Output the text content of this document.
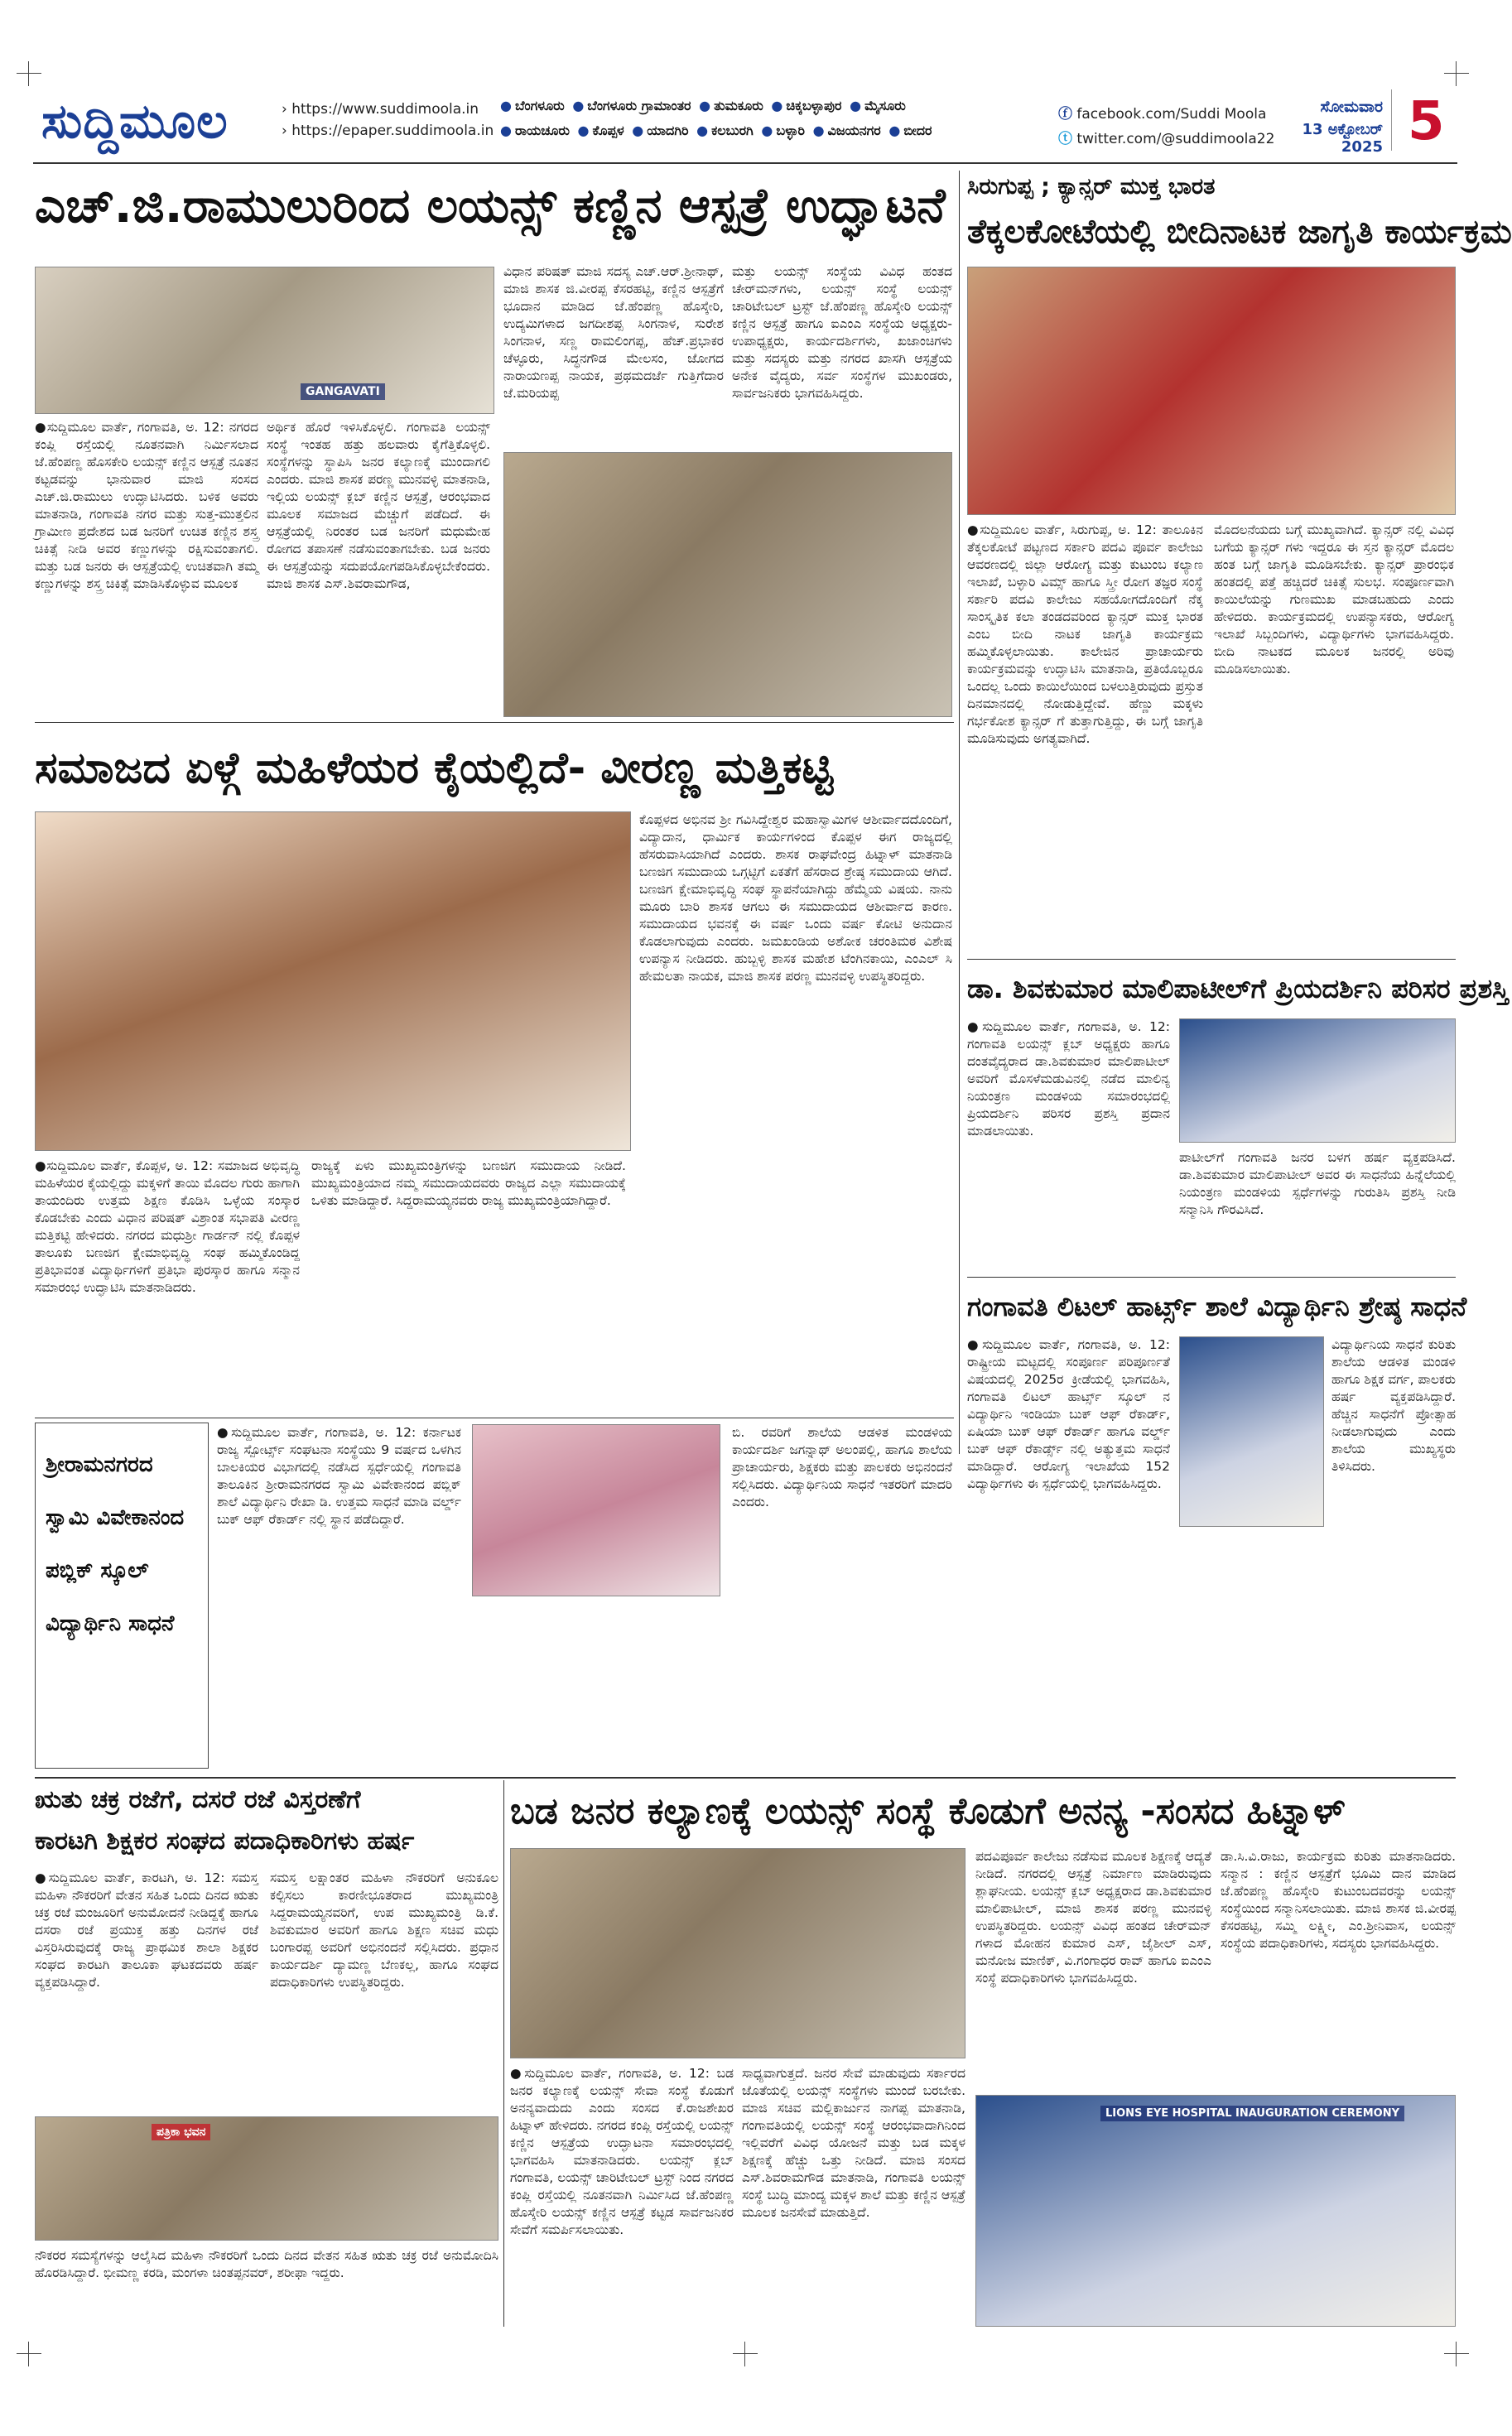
ಸುದ್ದಿಮೂಲ	› https://www.suddimoola.in
› https://epaper.suddimoola.in
● ಬೆಂಗಳೂರು ● ಬೆಂಗಳೂರು ಗ್ರಾಮಾಂತರ ● ತುಮಕೂರು ● ಚಿಕ್ಕಬಳ್ಳಾಪುರ ● ಮೈಸೂರು
● ರಾಯಚೂರು ● ಕೊಪ್ಪಳ ● ಯಾದಗಿರಿ ● ಕಲಬುರಗಿ ● ಬಳ್ಳಾರಿ ● ವಿಜಯನಗರ ● ಬೀದರ
ⓕ facebook.com/Suddi Moola
ⓣ twitter.com/@suddimoola22
ಸೋಮವಾರ
13 ಅಕ್ಟೋಬರ್ 2025 5
ಎಚ್.ಜಿ.ರಾಮುಲುರಿಂದ ಲಯನ್ಸ್ ಕಣ್ಣಿನ ಆಸ್ಪತ್ರೆ ಉದ್ಘಾಟನೆ
GANGAVATI
●ಸುದ್ದಿಮೂಲ ವಾರ್ತೆ, ಗಂಗಾವತಿ, ಅ. 12: ನಗರದ ಕಂಪ್ಲಿ ರಸ್ತೆಯಲ್ಲಿ ನೂತನವಾಗಿ ನಿರ್ಮಿಸಲಾದ ಜೆ.ಹೆಂಪಣ್ಣ ಹೊಸಕೇರಿ ಲಯನ್ಸ್ ಕಣ್ಣಿನ ಆಸ್ಪತ್ರೆ ನೂತನ ಕಟ್ಟಡವನ್ನು ಭಾನುವಾರ ಮಾಜಿ ಸಂಸದ ಎಚ್.ಜಿ.ರಾಮುಲು ಉದ್ಘಾಟಿಸಿದರು. ಬಳಿಕ ಅವರು ಮಾತನಾಡಿ, ಗಂಗಾವತಿ ನಗರ ಮತ್ತು ಸುತ್ತ-ಮುತ್ತಲಿನ ಗ್ರಾಮೀಣ ಪ್ರದೇಶದ ಬಡ ಜನರಿಗೆ ಉಚಿತ ಕಣ್ಣಿನ ಶಸ್ತ್ರ ಚಿಕಿತ್ಸೆ ನೀಡಿ ಅವರ ಕಣ್ಣುಗಳನ್ನು ರಕ್ಷಿಸುವಂತಾಗಲಿ. ಮತ್ತು ಬಡ ಜನರು ಈ ಆಸ್ಪತ್ರೆಯಲ್ಲಿ ಉಚಿತವಾಗಿ ತಮ್ಮ ಕಣ್ಣುಗಳನ್ನು ಶಸ್ತ್ರ ಚಿಕಿತ್ಸೆ ಮಾಡಿಸಿಕೊಳ್ಳುವ ಮೂಲಕ
ಅರ್ಥಿಕ ಹೊರೆ ಇಳಿಸಿಕೊಳ್ಳಲಿ. ಗಂಗಾವತಿ ಲಯನ್ಸ್ ಸಂಸ್ಥೆ ಇಂತಹ ಹತ್ತು ಹಲವಾರು ಕೈಗೆತ್ತಿಕೊಳ್ಳಲಿ. ಸಂಸ್ಥೆಗಳನ್ನು ಸ್ಥಾಪಿಸಿ ಜನರ ಕಲ್ಯಾಣಕ್ಕೆ ಮುಂದಾಗಲಿ ಎಂದರು. ಮಾಜಿ ಶಾಸಕ ಪರಣ್ಣ ಮುನವಳ್ಳಿ ಮಾತನಾಡಿ, ಇಲ್ಲಿಯ ಲಯನ್ಸ್ ಕ್ಲಬ್ ಕಣ್ಣಿನ ಆಸ್ಪತ್ರೆ, ಆರಂಭವಾದ ಮೂಲಕ ಸಮಾಜದ ಮೆಚ್ಚುಗೆ ಪಡೆದಿದೆ. ಈ ಆಸ್ಪತ್ರೆಯಲ್ಲಿ ನಿರಂತರ ಬಡ ಜನರಿಗೆ ಮಧುಮೇಹ ರೋಗದ ತಪಾಸಣೆ ನಡೆಸುವಂತಾಗಬೇಕು. ಬಡ ಜನರು ಈ ಆಸ್ಪತ್ರೆಯನ್ನು ಸದುಪಯೋಗಪಡಿಸಿಕೊಳ್ಳಬೇಕೆಂದರು. ಮಾಜಿ ಶಾಸಕ ಎಸ್.ಶಿವರಾಮಗೌಡ,
ವಿಧಾನ ಪರಿಷತ್ ಮಾಜಿ ಸದಸ್ಯ ಎಚ್.ಆರ್.ಶ್ರೀನಾಥ್, ಮಾಜಿ ಶಾಸಕ ಜಿ.ವೀರಪ್ಪ ಕೆಸರಹಟ್ಟಿ, ಕಣ್ಣಿನ ಆಸ್ಪತ್ರೆಗೆ ಭೂದಾನ ಮಾಡಿದ ಜೆ.ಹೆಂಪಣ್ಣ ಹೊಸ್ಕೇರಿ, ಉದ್ಯಮಿಗಳಾದ ಜಗದೀಶಪ್ಪ ಸಿಂಗನಾಳ, ಸುರೇಶ ಸಿಂಗನಾಳ, ಸಣ್ಣ ರಾಮಲಿಂಗಪ್ಪ, ಹೆಚ್.ಪ್ರಭಾಕರ ಚೆಳ್ಳೂರು, ಸಿದ್ಧನಗೌಡ ಮೇಲಸಂ, ಜೋಗದ ನಾರಾಯಣಪ್ಪ ನಾಯಕ, ಪ್ರಥಮದರ್ಜೆ ಗುತ್ತಿಗೆದಾರ ಜೆ.ಮರಿಯಪ್ಪ
ಮತ್ತು ಲಯನ್ಸ್ ಸಂಸ್ಥೆಯ ವಿವಿಧ ಹಂತದ ಚೇರ್‌ಮನ್‌ಗಳು, ಲಯನ್ಸ್ ಸಂಸ್ಥೆ ಲಯನ್ಸ್ ಚಾರಿಟೇಬಲ್ ಟ್ರಸ್ಟ್ ಜೆ.ಹೆಂಪಣ್ಣ ಹೊಸ್ಕೇರಿ ಲಯನ್ಸ್ ಕಣ್ಣಿನ ಆಸ್ಪತ್ರೆ ಹಾಗೂ ಐಎಂಎ ಸಂಸ್ಥೆಯ ಅಧ್ಯಕ್ಷರು-ಉಪಾಧ್ಯಕ್ಷರು, ಕಾರ್ಯದರ್ಶಿಗಳು, ಖಜಾಂಚಿಗಳು ಮತ್ತು ಸದಸ್ಯರು ಮತ್ತು ನಗರದ ಖಾಸಗಿ ಆಸ್ಪತ್ರೆಯ ಅನೇಕ ವೈದ್ಯರು, ಸರ್ವ ಸಂಸ್ಥೆಗಳ ಮುಖಂಡರು, ಸಾರ್ವಜನಿಕರು ಭಾಗವಹಿಸಿದ್ದರು.
ಸಿರುಗುಪ್ಪ ; ಕ್ಯಾನ್ಸರ್ ಮುಕ್ತ ಭಾರತ
ತೆಕ್ಕಲಕೋಟೆಯಲ್ಲಿ ಬೀದಿನಾಟಕ ಜಾಗೃತಿ ಕಾರ್ಯಕ್ರಮ
●ಸುದ್ದಿಮೂಲ ವಾರ್ತೆ, ಸಿರುಗುಪ್ಪ, ಅ. 12: ತಾಲೂಕಿನ ತೆಕ್ಕಲಕೋಟೆ ಪಟ್ಟಣದ ಸರ್ಕಾರಿ ಪದವಿ ಪೂರ್ವ ಕಾಲೇಜು ಆವರಣದಲ್ಲಿ ಜಿಲ್ಲಾ ಆರೋಗ್ಯ ಮತ್ತು ಕುಟುಂಬ ಕಲ್ಯಾಣ ಇಲಾಖೆ, ಬಳ್ಳಾರಿ ವಿಮ್ಸ್ ಹಾಗೂ ಸ್ತ್ರೀ ರೋಗ ತಜ್ಞರ ಸಂಸ್ಥೆ ಸರ್ಕಾರಿ ಪದವಿ ಕಾಲೇಜು ಸಹಯೋಗದೊಂದಿಗೆ ನೆಕ್ಕ ಸಾಂಸ್ಕೃತಿಕ ಕಲಾ ತಂಡದವರಿಂದ ಕ್ಯಾನ್ಸರ್ ಮುಕ್ತ ಭಾರತ ಎಂಬ ಬೀದಿ ನಾಟಕ ಜಾಗೃತಿ ಕಾರ್ಯಕ್ರಮ ಹಮ್ಮಿಕೊಳ್ಳಲಾಯಿತು. ಕಾಲೇಜಿನ ಪ್ರಾಚಾರ್ಯರು ಕಾರ್ಯಕ್ರಮವನ್ನು ಉದ್ಘಾಟಿಸಿ ಮಾತನಾಡಿ, ಪ್ರತಿಯೊಬ್ಬರೂ ಒಂದಲ್ಲ ಒಂದು ಕಾಯಿಲೆಯಿಂದ ಬಳಲುತ್ತಿರುವುದು ಪ್ರಸ್ತುತ ದಿನಮಾನದಲ್ಲಿ ನೋಡುತ್ತಿದ್ದೇವೆ. ಹೆಣ್ಣು ಮಕ್ಕಳು ಗರ್ಭಕೋಶ ಕ್ಯಾನ್ಸರ್ ಗೆ ತುತ್ತಾಗುತ್ತಿದ್ದು, ಈ ಬಗ್ಗೆ ಜಾಗೃತಿ ಮೂಡಿಸುವುದು ಅಗತ್ಯವಾಗಿದೆ.
ಮೊದಲನೆಯದು ಬಗ್ಗೆ ಮುಖ್ಯವಾಗಿದೆ. ಕ್ಯಾನ್ಸರ್ ನಲ್ಲಿ ವಿವಿಧ ಬಗೆಯ ಕ್ಯಾನ್ಸರ್ ಗಳು ಇದ್ದರೂ ಈ ಸ್ತನ ಕ್ಯಾನ್ಸರ್ ಮೊದಲ ಹಂತ ಬಗ್ಗೆ ಜಾಗೃತಿ ಮೂಡಿಸಬೇಕು. ಕ್ಯಾನ್ಸರ್ ಪ್ರಾರಂಭಿಕ ಹಂತದಲ್ಲಿ ಪತ್ತೆ ಹಚ್ಚಿದರೆ ಚಿಕಿತ್ಸೆ ಸುಲಭ. ಸಂಪೂರ್ಣವಾಗಿ ಕಾಯಿಲೆಯನ್ನು ಗುಣಮುಖ ಮಾಡಬಹುದು ಎಂದು ಹೇಳಿದರು. ಕಾರ್ಯಕ್ರಮದಲ್ಲಿ ಉಪನ್ಯಾಸಕರು, ಆರೋಗ್ಯ ಇಲಾಖೆ ಸಿಬ್ಬಂದಿಗಳು, ವಿದ್ಯಾರ್ಥಿಗಳು ಭಾಗವಹಿಸಿದ್ದರು. ಬೀದಿ ನಾಟಕದ ಮೂಲಕ ಜನರಲ್ಲಿ ಅರಿವು ಮೂಡಿಸಲಾಯಿತು.
ಸಮಾಜದ ಏಳ್ಗೆ ಮಹಿಳೆಯರ ಕೈಯಲ್ಲಿದೆ- ವೀರಣ್ಣ ಮತ್ತಿಕಟ್ಟಿ
●ಸುದ್ದಿಮೂಲ ವಾರ್ತೆ, ಕೊಪ್ಪಳ, ಅ. 12: ಸಮಾಜದ ಅಭಿವೃದ್ಧಿ ಮಹಿಳೆಯರ ಕೈಯಲ್ಲಿದ್ದು ಮಕ್ಕಳಿಗೆ ತಾಯಿ ಮೊದಲ ಗುರು ಹಾಗಾಗಿ ತಾಯಂದಿರು ಉತ್ತಮ ಶಿಕ್ಷಣ ಕೊಡಿಸಿ ಒಳ್ಳೆಯ ಸಂಸ್ಕಾರ ಕೊಡಬೇಕು ಎಂದು ವಿಧಾನ ಪರಿಷತ್ ವಿಶ್ರಾಂತ ಸಭಾಪತಿ ವೀರಣ್ಣ ಮತ್ತಿಕಟ್ಟಿ ಹೇಳಿದರು. ನಗರದ ಮಧುಶ್ರೀ ಗಾರ್ಡನ್ ನಲ್ಲಿ ಕೊಪ್ಪಳ ತಾಲೂಕು ಬಣಜಿಗ ಕ್ಷೇಮಾಭಿವೃದ್ಧಿ ಸಂಘ ಹಮ್ಮಿಕೊಂಡಿದ್ದ ಪ್ರತಿಭಾವಂತ ವಿದ್ಯಾರ್ಥಿಗಳಿಗೆ ಪ್ರತಿಭಾ ಪುರಸ್ಕಾರ ಹಾಗೂ ಸನ್ಮಾನ ಸಮಾರಂಭ ಉದ್ಘಾಟಿಸಿ ಮಾತನಾಡಿದರು.
ರಾಜ್ಯಕ್ಕೆ ಏಳು ಮುಖ್ಯಮಂತ್ರಿಗಳನ್ನು ಬಣಜಿಗ ಸಮುದಾಯ ನೀಡಿದೆ. ಮುಖ್ಯಮಂತ್ರಿಯಾದ ನಮ್ಮ ಸಮುದಾಯದವರು ರಾಜ್ಯದ ಎಲ್ಲಾ ಸಮುದಾಯಕ್ಕೆ ಒಳಿತು ಮಾಡಿದ್ದಾರೆ. ಸಿದ್ದರಾಮಯ್ಯನವರು ರಾಜ್ಯ ಮುಖ್ಯಮಂತ್ರಿಯಾಗಿದ್ದಾರೆ.
ಕೊಪ್ಪಳದ ಅಭಿನವ ಶ್ರೀ ಗವಿಸಿದ್ದೇಶ್ವರ ಮಹಾಸ್ವಾಮಿಗಳ ಆಶೀರ್ವಾದದೊಂದಿಗೆ, ವಿದ್ಯಾದಾನ, ಧಾರ್ಮಿಕ ಕಾರ್ಯಗಳಿಂದ ಕೊಪ್ಪಳ ಈಗ ರಾಜ್ಯದಲ್ಲಿ ಹೆಸರುವಾಸಿಯಾಗಿದೆ ಎಂದರು. ಶಾಸಕ ರಾಘವೇಂದ್ರ ಹಿಟ್ನಾಳ್ ಮಾತನಾಡಿ ಬಣಜಿಗ ಸಮುದಾಯ ಒಗ್ಗಟ್ಟಿಗೆ ಏಕತೆಗೆ ಹೆಸರಾದ ಶ್ರೇಷ್ಠ ಸಮುದಾಯ ಆಗಿದೆ. ಬಣಜಿಗ ಕ್ಷೇಮಾಭಿವೃದ್ಧಿ ಸಂಘ ಸ್ಥಾಪನೆಯಾಗಿದ್ದು ಹೆಮ್ಮೆಯ ವಿಷಯ. ನಾನು ಮೂರು ಬಾರಿ ಶಾಸಕ ಆಗಲು ಈ ಸಮುದಾಯದ ಆಶೀರ್ವಾದ ಕಾರಣ. ಸಮುದಾಯದ ಭವನಕ್ಕೆ ಈ ವರ್ಷ ಒಂದು ವರ್ಷ ಕೋಟಿ ಅನುದಾನ ಕೊಡಲಾಗುವುದು ಎಂದರು. ಜಮಖಂಡಿಯ ಅಶೋಕ ಚರಂತಿಮಠ ವಿಶೇಷ ಉಪನ್ಯಾಸ ನೀಡಿದರು. ಹುಬ್ಬಳ್ಳಿ ಶಾಸಕ ಮಹೇಶ ಟೆಂಗಿನಕಾಯಿ, ಎಂಎಲ್ ಸಿ ಹೇಮಲತಾ ನಾಯಕ, ಮಾಜಿ ಶಾಸಕ ಪರಣ್ಣ ಮುನವಳ್ಳಿ ಉಪಸ್ಥಿತರಿದ್ದರು.	ಡಾ. ಶಿವಕುಮಾರ ಮಾಲಿಪಾಟೀಲ್‌ಗೆ ಪ್ರಿಯದರ್ಶಿನಿ ಪರಿಸರ ಪ್ರಶಸ್ತಿ
●ಸುದ್ದಿಮೂಲ ವಾರ್ತೆ, ಗಂಗಾವತಿ, ಅ. 12: ಗಂಗಾವತಿ ಲಯನ್ಸ್ ಕ್ಲಬ್ ಅಧ್ಯಕ್ಷರು ಹಾಗೂ ದಂತವೈದ್ಯರಾದ ಡಾ.ಶಿವಕುಮಾರ ಮಾಲಿಪಾಟೀಲ್ ಅವರಿಗೆ ಮೊಸಳೆಮಡುವಿನಲ್ಲಿ ನಡೆದ ಮಾಲಿನ್ಯ ನಿಯಂತ್ರಣ ಮಂಡಳಿಯ ಸಮಾರಂಭದಲ್ಲಿ ಪ್ರಿಯದರ್ಶಿನಿ ಪರಿಸರ ಪ್ರಶಸ್ತಿ ಪ್ರದಾನ ಮಾಡಲಾಯಿತು.
ಪಾಟೀಲ್‌ಗೆ ಗಂಗಾವತಿ ಜನರ ಬಳಗ ಹರ್ಷ ವ್ಯಕ್ತಪಡಿಸಿದೆ. ಡಾ.ಶಿವಕುಮಾರ ಮಾಲಿಪಾಟೀಲ್ ಅವರ ಈ ಸಾಧನೆಯ ಹಿನ್ನೆಲೆಯಲ್ಲಿ ನಿಯಂತ್ರಣ ಮಂಡಳಿಯ ಸ್ಪರ್ಧೆಗಳನ್ನು ಗುರುತಿಸಿ ಪ್ರಶಸ್ತಿ ನೀಡಿ ಸನ್ಮಾನಿಸಿ ಗೌರವಿಸಿದೆ.
ಗಂಗಾವತಿ ಲಿಟಲ್ ಹಾರ್ಟ್ಸ್ ಶಾಲೆ ವಿದ್ಯಾರ್ಥಿನಿ ಶ್ರೇಷ್ಠ ಸಾಧನೆ
●ಸುದ್ದಿಮೂಲ ವಾರ್ತೆ, ಗಂಗಾವತಿ, ಅ. 12: ರಾಷ್ಟ್ರೀಯ ಮಟ್ಟದಲ್ಲಿ ಸಂಪೂರ್ಣ ಪರಿಪೂರ್ಣತೆ ವಿಷಯದಲ್ಲಿ 2025ರ ಕ್ರೀಡೆಯಲ್ಲಿ ಭಾಗವಹಿಸಿ, ಗಂಗಾವತಿ ಲಿಟಲ್ ಹಾರ್ಟ್ಸ್ ಸ್ಕೂಲ್ ನ ವಿದ್ಯಾರ್ಥಿನಿ ಇಂಡಿಯಾ ಬುಕ್ ಆಫ್ ರೆಕಾರ್ಡ್, ಏಷಿಯಾ ಬುಕ್ ಆಫ್ ರೆಕಾರ್ಡ್ ಹಾಗೂ ವರ್ಲ್ಡ್ ಬುಕ್ ಆಫ್ ರೆಕಾರ್ಡ್ಸ್ ನಲ್ಲಿ ಅತ್ಯುತ್ತಮ ಸಾಧನೆ ಮಾಡಿದ್ದಾರೆ. ಆರೋಗ್ಯ ಇಲಾಖೆಯ 152 ವಿದ್ಯಾರ್ಥಿಗಳು ಈ ಸ್ಪರ್ಧೆಯಲ್ಲಿ ಭಾಗವಹಿಸಿದ್ದರು.
ವಿದ್ಯಾರ್ಥಿನಿಯ ಸಾಧನೆ ಕುರಿತು ಶಾಲೆಯ ಆಡಳಿತ ಮಂಡಳಿ ಹಾಗೂ ಶಿಕ್ಷಕ ವರ್ಗ, ಪಾಲಕರು ಹರ್ಷ ವ್ಯಕ್ತಪಡಿಸಿದ್ದಾರೆ. ಹೆಚ್ಚಿನ ಸಾಧನೆಗೆ ಪ್ರೋತ್ಸಾಹ ನೀಡಲಾಗುವುದು ಎಂದು ಶಾಲೆಯ ಮುಖ್ಯಸ್ಥರು ತಿಳಿಸಿದರು.
ಶ್ರೀರಾಮನಗರದ
ಸ್ವಾಮಿ ವಿವೇಕಾನಂದ
ಪಬ್ಲಿಕ್ ಸ್ಕೂಲ್
ವಿದ್ಯಾರ್ಥಿನಿ ಸಾಧನೆ
●ಸುದ್ದಿಮೂಲ ವಾರ್ತೆ, ಗಂಗಾವತಿ, ಅ. 12: ಕರ್ನಾಟಕ ರಾಜ್ಯ ಸ್ಪೋರ್ಟ್ಸ್ ಸಂಘಟನಾ ಸಂಸ್ಥೆಯು 9 ವರ್ಷದ ಒಳಗಿನ ಬಾಲಕಿಯರ ವಿಭಾಗದಲ್ಲಿ ನಡೆಸಿದ ಸ್ಪರ್ಧೆಯಲ್ಲಿ ಗಂಗಾವತಿ ತಾಲೂಕಿನ ಶ್ರೀರಾಮನಗರದ ಸ್ವಾಮಿ ವಿವೇಕಾನಂದ ಪಬ್ಲಿಕ್ ಶಾಲೆ ವಿದ್ಯಾರ್ಥಿನಿ ರೇಖಾ ಡಿ. ಉತ್ತಮ ಸಾಧನೆ ಮಾಡಿ ವರ್ಲ್ಡ್ ಬುಕ್ ಆಫ್ ರೆಕಾರ್ಡ್ ನಲ್ಲಿ ಸ್ಥಾನ ಪಡೆದಿದ್ದಾರೆ.
ಬಿ. ರವರಿಗೆ ಶಾಲೆಯ ಆಡಳಿತ ಮಂಡಳಿಯ ಕಾರ್ಯದರ್ಶಿ ಜಗನ್ನಾಥ್ ಅಲಂಪಲ್ಲಿ, ಹಾಗೂ ಶಾಲೆಯ ಪ್ರಾಚಾರ್ಯರು, ಶಿಕ್ಷಕರು ಮತ್ತು ಪಾಲಕರು ಅಭಿನಂದನೆ ಸಲ್ಲಿಸಿದರು. ವಿದ್ಯಾರ್ಥಿನಿಯ ಸಾಧನೆ ಇತರರಿಗೆ ಮಾದರಿ ಎಂದರು.
ಋತು ಚಕ್ರ ರಜೆಗೆ, ದಸರೆ ರಜೆ ವಿಸ್ತರಣೆಗೆ
ಕಾರಟಗಿ ಶಿಕ್ಷಕರ ಸಂಘದ ಪದಾಧಿಕಾರಿಗಳು ಹರ್ಷ
●ಸುದ್ದಿಮೂಲ ವಾರ್ತೆ, ಕಾರಟಗಿ, ಅ. 12: ಸಮಸ್ತ ಮಹಿಳಾ ನೌಕರರಿಗೆ ವೇತನ ಸಹಿತ ಒಂದು ದಿನದ ಋತು ಚಕ್ರ ರಜೆ ಮಂಜೂರಿಗೆ ಅನುಮೋದನೆ ನೀಡಿದ್ದಕ್ಕೆ ಹಾಗೂ ದಸರಾ ರಜೆ ಪ್ರಯುಕ್ತ ಹತ್ತು ದಿನಗಳ ರಜೆ ವಿಸ್ತರಿಸಿರುವುದಕ್ಕೆ ರಾಜ್ಯ ಪ್ರಾಥಮಿಕ ಶಾಲಾ ಶಿಕ್ಷಕರ ಸಂಘದ ಕಾರಟಗಿ ತಾಲೂಕಾ ಘಟಕದವರು ಹರ್ಷ ವ್ಯಕ್ತಪಡಿಸಿದ್ದಾರೆ.
ಸಮಸ್ತ ಲಕ್ಷಾಂತರ ಮಹಿಳಾ ನೌಕರರಿಗೆ ಅನುಕೂಲ ಕಲ್ಪಿಸಲು ಕಾರಣೀಭೂತರಾದ ಮುಖ್ಯಮಂತ್ರಿ ಸಿದ್ದರಾಮಯ್ಯನವರಿಗೆ, ಉಪ ಮುಖ್ಯಮಂತ್ರಿ ಡಿ.ಕೆ. ಶಿವಕುಮಾರ ಅವರಿಗೆ ಹಾಗೂ ಶಿಕ್ಷಣ ಸಚಿವ ಮಧು ಬಂಗಾರಪ್ಪ ಅವರಿಗೆ ಅಭಿನಂದನೆ ಸಲ್ಲಿಸಿದರು. ಪ್ರಧಾನ ಕಾರ್ಯದರ್ಶಿ ದ್ಯಾಮಣ್ಣ ಬೆಣಕಲ್ಲ, ಹಾಗೂ ಸಂಘದ ಪದಾಧಿಕಾರಿಗಳು ಉಪಸ್ಥಿತರಿದ್ದರು.
ಪತ್ರಿಕಾ ಭವನ
ನೌಕರರ ಸಮಸ್ಯೆಗಳನ್ನು ಆಲೈಸಿದ ಮಹಿಳಾ ನೌಕರರಿಗೆ ಒಂದು ದಿನದ ವೇತನ ಸಹಿತ ಋತು ಚಕ್ರ ರಜೆ ಅನುಮೋದಿಸಿ ಹೊರಡಿಸಿದ್ದಾರೆ. ಭೀಮಣ್ಣ ಕರಡಿ, ಮಂಗಳಾ ಚಿಂತಪ್ಪನವರ್, ಶರೀಫಾ ಇದ್ದರು.
ಬಡ ಜನರ ಕಲ್ಯಾಣಕ್ಕೆ ಲಯನ್ಸ್ ಸಂಸ್ಥೆ ಕೊಡುಗೆ ಅನನ್ಯ -ಸಂಸದ ಹಿಟ್ನಾಳ್
●ಸುದ್ದಿಮೂಲ ವಾರ್ತೆ, ಗಂಗಾವತಿ, ಅ. 12: ಬಡ ಜನರ ಕಲ್ಯಾಣಕ್ಕೆ ಲಯನ್ಸ್ ಸೇವಾ ಸಂಸ್ಥೆ ಕೊಡುಗೆ ಅನನ್ಯವಾದುದು ಎಂದು ಸಂಸದ ಕೆ.ರಾಜಶೇಖರ ಹಿಟ್ನಾಳ್ ಹೇಳಿದರು. ನಗರದ ಕಂಪ್ಲಿ ರಸ್ತೆಯಲ್ಲಿ ಲಯನ್ಸ್ ಕಣ್ಣಿನ ಆಸ್ಪತ್ರೆಯ ಉದ್ಘಾಟನಾ ಸಮಾರಂಭದಲ್ಲಿ ಭಾಗವಹಿಸಿ ಮಾತನಾಡಿದರು. ಲಯನ್ಸ್ ಕ್ಲಬ್ ಗಂಗಾವತಿ, ಲಯನ್ಸ್ ಚಾರಿಟೇಬಲ್ ಟ್ರಸ್ಟ್ ನಿಂದ ನಗರದ ಕಂಪ್ಲಿ ರಸ್ತೆಯಲ್ಲಿ ನೂತನವಾಗಿ ನಿರ್ಮಿಸಿದ ಜೆ.ಹೆಂಪಣ್ಣ ಹೊಸ್ಕೇರಿ ಲಯನ್ಸ್ ಕಣ್ಣಿನ ಆಸ್ಪತ್ರೆ ಕಟ್ಟಡ ಸಾರ್ವಜನಿಕರ ಸೇವೆಗೆ ಸಮರ್ಪಿಸಲಾಯಿತು.
ಸಾಧ್ಯವಾಗುತ್ತದೆ. ಜನರ ಸೇವೆ ಮಾಡುವುದು ಸರ್ಕಾರದ ಜೊತೆಯಲ್ಲಿ ಲಯನ್ಸ್ ಸಂಸ್ಥೆಗಳು ಮುಂದೆ ಬರಬೇಕು. ಮಾಜಿ ಸಚಿವ ಮಲ್ಲಿಕಾರ್ಜುನ ನಾಗಪ್ಪ ಮಾತನಾಡಿ, ಗಂಗಾವತಿಯಲ್ಲಿ ಲಯನ್ಸ್ ಸಂಸ್ಥೆ ಆರಂಭವಾದಾಗಿನಿಂದ ಇಲ್ಲಿವರೆಗೆ ವಿವಿಧ ಯೋಜನೆ ಮತ್ತು ಬಡ ಮಕ್ಕಳ ಶಿಕ್ಷಣಕ್ಕೆ ಹೆಚ್ಚು ಒತ್ತು ನೀಡಿದೆ. ಮಾಜಿ ಸಂಸದ ಎಸ್.ಶಿವರಾಮಗೌಡ ಮಾತನಾಡಿ, ಗಂಗಾವತಿ ಲಯನ್ಸ್ ಸಂಸ್ಥೆ ಬುದ್ಧಿ ಮಾಂದ್ಯ ಮಕ್ಕಳ ಶಾಲೆ ಮತ್ತು ಕಣ್ಣಿನ ಆಸ್ಪತ್ರೆ ಮೂಲಕ ಜನಸೇವೆ ಮಾಡುತ್ತಿದೆ.
ಪದವಿಪೂರ್ವ ಕಾಲೇಜು ನಡೆಸುವ ಮೂಲಕ ಶಿಕ್ಷಣಕ್ಕೆ ಆದ್ಯತೆ ನೀಡಿದೆ. ನಗರದಲ್ಲಿ ಆಸ್ಪತ್ರೆ ನಿರ್ಮಾಣ ಮಾಡಿರುವುದು ಶ್ಲಾಘನೀಯ. ಲಯನ್ಸ್ ಕ್ಲಬ್ ಅಧ್ಯಕ್ಷರಾದ ಡಾ.ಶಿವಕುಮಾರ ಮಾಲಿಪಾಟೀಲ್, ಮಾಜಿ ಶಾಸಕ ಪರಣ್ಣ ಮುನವಳ್ಳಿ ಉಪಸ್ಥಿತರಿದ್ದರು. ಲಯನ್ಸ್ ವಿವಿಧ ಹಂತದ ಚೇರ್‌ಮನ್ ಗಳಾದ ಮೋಹನ ಕುಮಾರ ಎಸ್, ಜೈಶೀಲ್ ಎಸ್, ಮನೋಜ ಮಾಣಿಕ್, ವಿ.ಗಂಗಾಧರ ರಾವ್ ಹಾಗೂ ಐಎಂಎ ಸಂಸ್ಥೆ ಪದಾಧಿಕಾರಿಗಳು ಭಾಗವಹಿಸಿದ್ದರು.
ಡಾ.ಸಿ.ವಿ.ರಾಜು, ಕಾರ್ಯಕ್ರಮ ಕುರಿತು ಮಾತನಾಡಿದರು. ಸನ್ಮಾನ : ಕಣ್ಣಿನ ಆಸ್ಪತ್ರೆಗೆ ಭೂಮಿ ದಾನ ಮಾಡಿದ ಜೆ.ಹೆಂಪಣ್ಣ ಹೊಸ್ಕೇರಿ ಕುಟುಂಬದವರನ್ನು ಲಯನ್ಸ್ ಸಂಸ್ಥೆಯಿಂದ ಸನ್ಮಾನಿಸಲಾಯಿತು. ಮಾಜಿ ಶಾಸಕ ಜಿ.ವೀರಪ್ಪ ಕೆಸರಹಟ್ಟಿ, ಸಮ್ಮಿ ಲಕ್ಷ್ಮೀ, ಎಂ.ಶ್ರೀನಿವಾಸ, ಲಯನ್ಸ್ ಸಂಸ್ಥೆಯ ಪದಾಧಿಕಾರಿಗಳು, ಸದಸ್ಯರು ಭಾಗವಹಿಸಿದ್ದರು.
LIONS EYE HOSPITAL INAUGURATION CEREMONY
